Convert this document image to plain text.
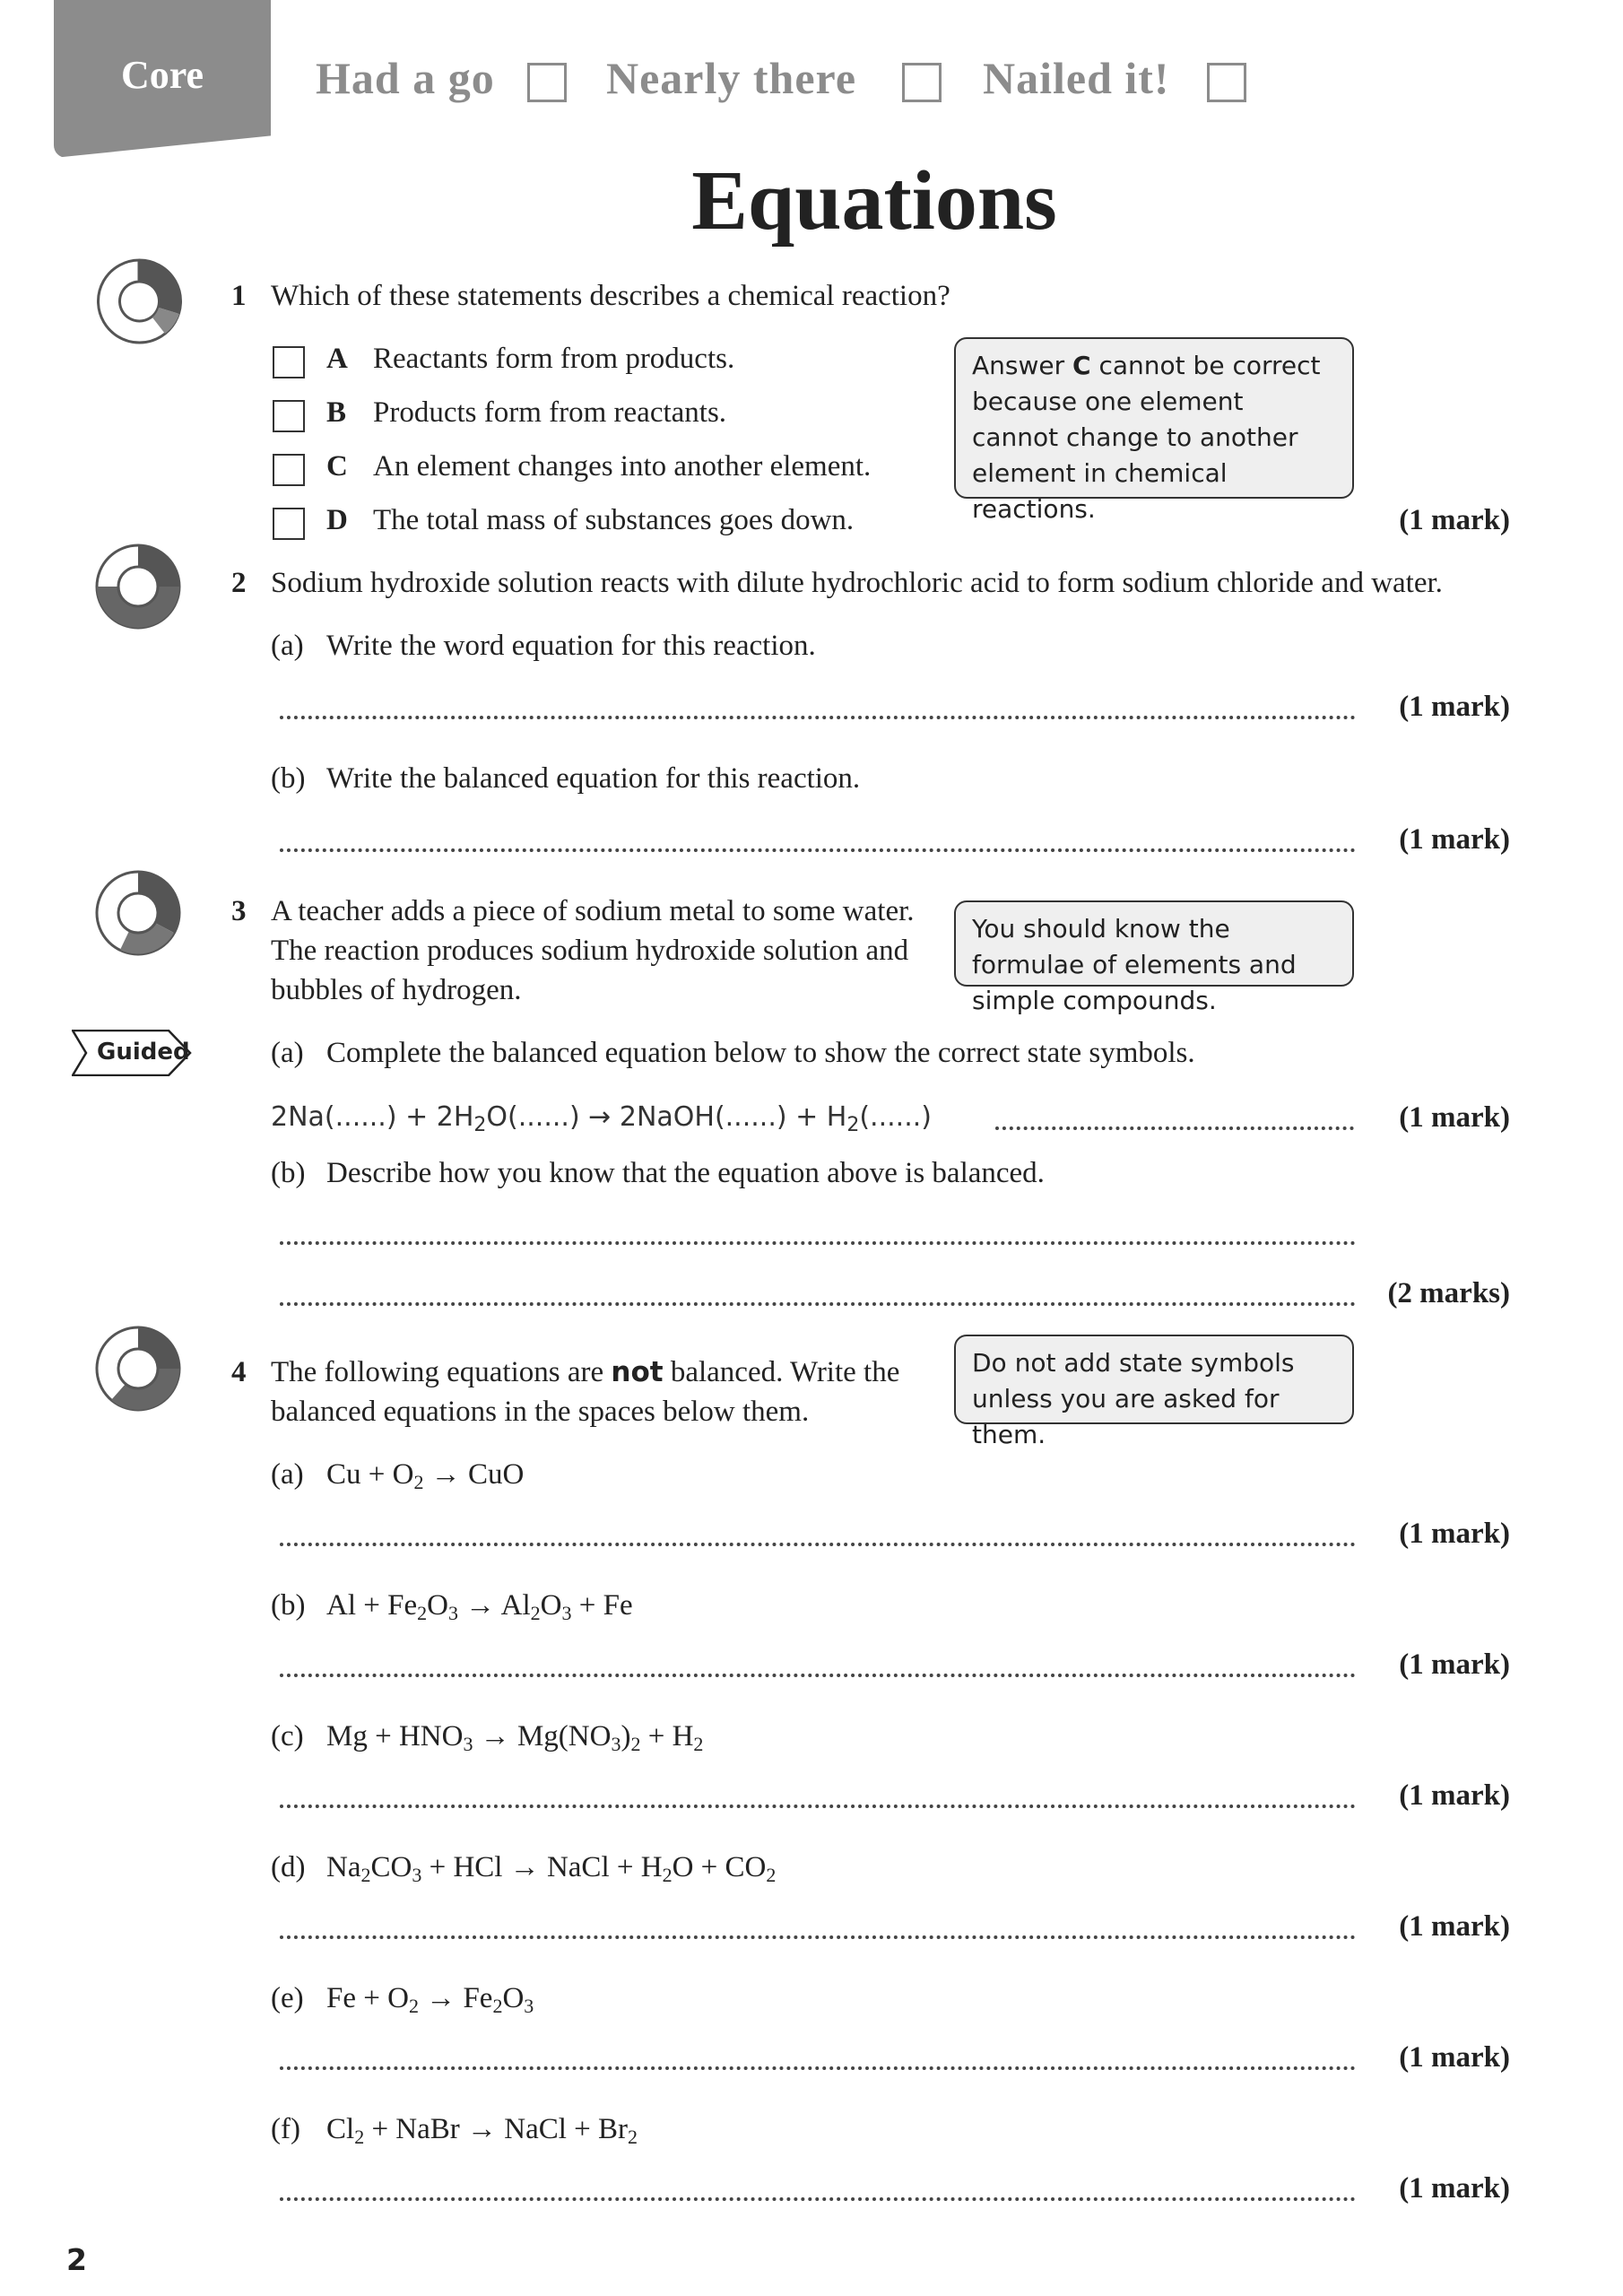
Core	Had a go Nearly there	Nailed it!
Equations
1 Which of these statements describes a chemical reaction?
A Reactants form from products.
B Products form from reactants.
C An element changes into another element.
D The total mass of substances goes down.	(1 mark)
Answer C cannot be correct because one element cannot change to another element in chemical reactions.
2 Sodium hydroxide solution reacts with dilute hydrochloric acid to form sodium chloride and water.
(a) Write the word equation for this reaction.
(1 mark)
(b) Write the balanced equation for this reaction.
(1 mark)
3 A teacher adds a piece of sodium metal to some water.
The reaction produces sodium hydroxide solution and
bubbles of hydrogen.
You should know the formulae of elements and simple compounds.
Guided	(a) Complete the balanced equation below to show the correct state symbols.
$2Na(......) + 2H_2O(......)$ → 2NaOH(......) + $H_2(......)$	(1 mark)
(b) Describe how you know that the equation above is balanced.
(2 marks)
4 The following equations are not balanced. Write the
balanced equations in the spaces below them.
Do not add state symbols unless you are asked for them.
(a) $Cu + O_2$ → CuO
(1 mark)
(b) $Al + Fe_2O_3 \to Al_2O_3 + Fe$
(1 mark)
(c) $Mg + HNO_3 \to Mg(NO_3)_2 + H_2$
(1 mark)
(d) $Na_2CO_3$ + HCl → NaCl + $H_2O + CO_2$
(1 mark)
(e) $Fe + O_2 \to Fe_2O_3$
(1 mark)
(f) $Cl_2$ + NaBr → NaCl + $Br_2$
(1 mark)
2
